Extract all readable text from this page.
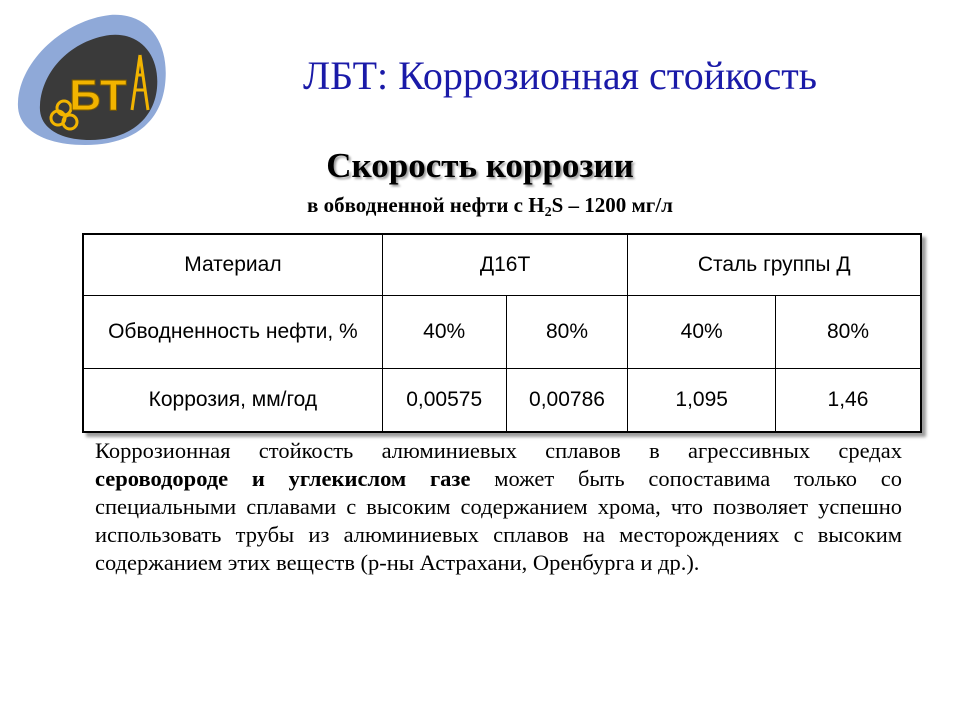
БТ	ЛБТ: Коррозионная стойкость
Скорость коррозии
в обводненной нефти с $H_2S - 1200$ мг/л
Материал	Д16Т		Сталь группы Д	
Обводненность нефти, %	40%	80%	40%	80%
Коррозия, мм/год	0,00575	0,00786	1,095	1,46
Коррозионная стойкость алюминиевых сплавов в агрессивных средах сероводороде и углекислом газе может быть сопоставима только со специальными сплавами с высоким содержанием хрома, что позволяет успешно использовать трубы из алюминиевых сплавов на месторождениях с высоким содержанием этих веществ (р-ны Астрахани, Оренбурга и др.).
